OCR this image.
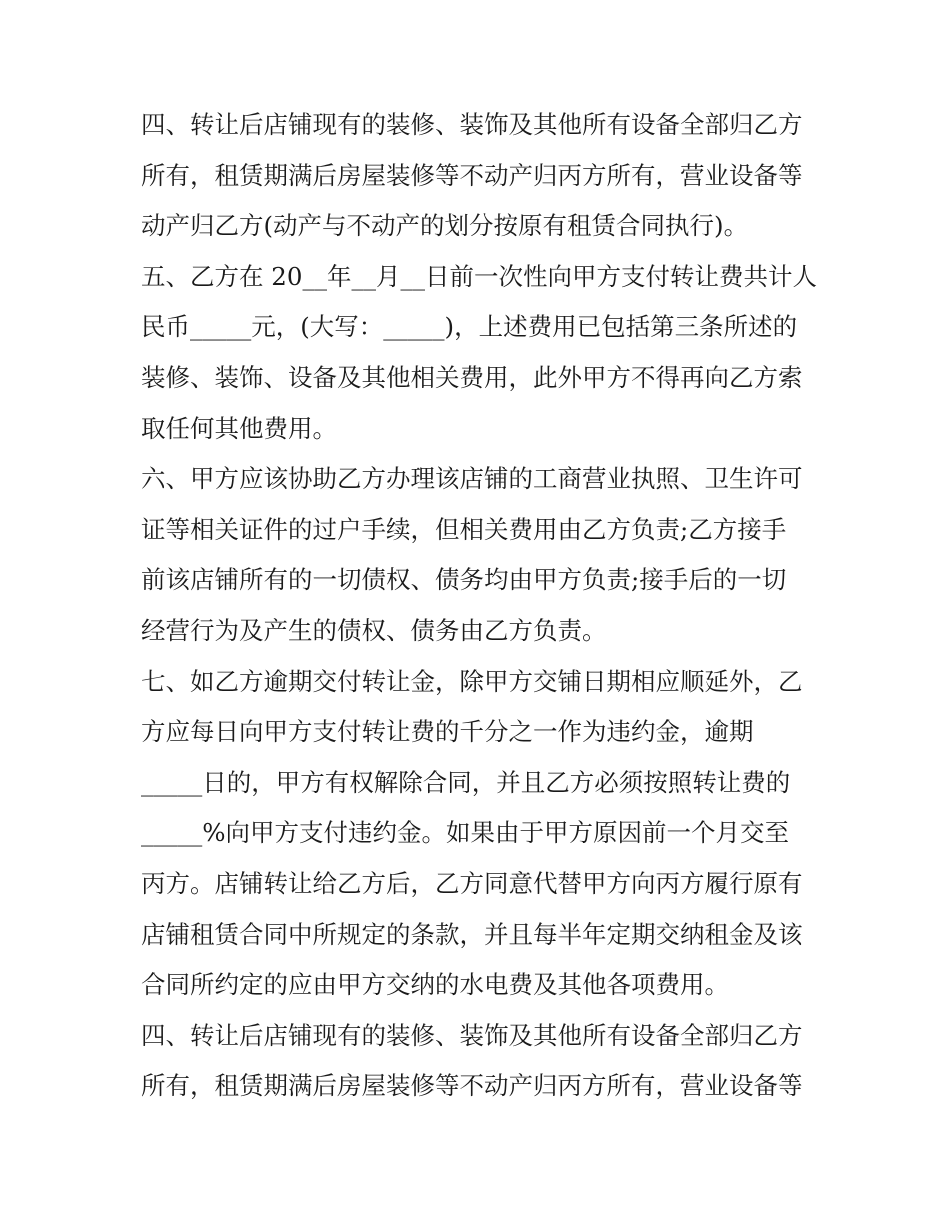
四、转让后店铺现有的装修、装饰及其他所有设备全部归乙方
所有，租赁期满后房屋装修等不动产归丙方所有，营业设备等
动产归乙方(动产与不动产的划分按原有租赁合同执行)。
五、乙方在 20__年__月__日前一次性向甲方支付转让费共计人
民币_____元，(大写：_____)，上述费用已包括第三条所述的
装修、装饰、设备及其他相关费用，此外甲方不得再向乙方索
取任何其他费用。
六、甲方应该协助乙方办理该店铺的工商营业执照、卫生许可
证等相关证件的过户手续，但相关费用由乙方负责;乙方接手
前该店铺所有的一切债权、债务均由甲方负责;接手后的一切
经营行为及产生的债权、债务由乙方负责。
七、如乙方逾期交付转让金，除甲方交铺日期相应顺延外，乙
方应每日向甲方支付转让费的千分之一作为违约金，逾期
_____日的，甲方有权解除合同，并且乙方必须按照转让费的
_____%向甲方支付违约金。如果由于甲方原因前一个月交至
丙方。店铺转让给乙方后，乙方同意代替甲方向丙方履行原有
店铺租赁合同中所规定的条款，并且每半年定期交纳租金及该
合同所约定的应由甲方交纳的水电费及其他各项费用。
四、转让后店铺现有的装修、装饰及其他所有设备全部归乙方
所有，租赁期满后房屋装修等不动产归丙方所有，营业设备等
